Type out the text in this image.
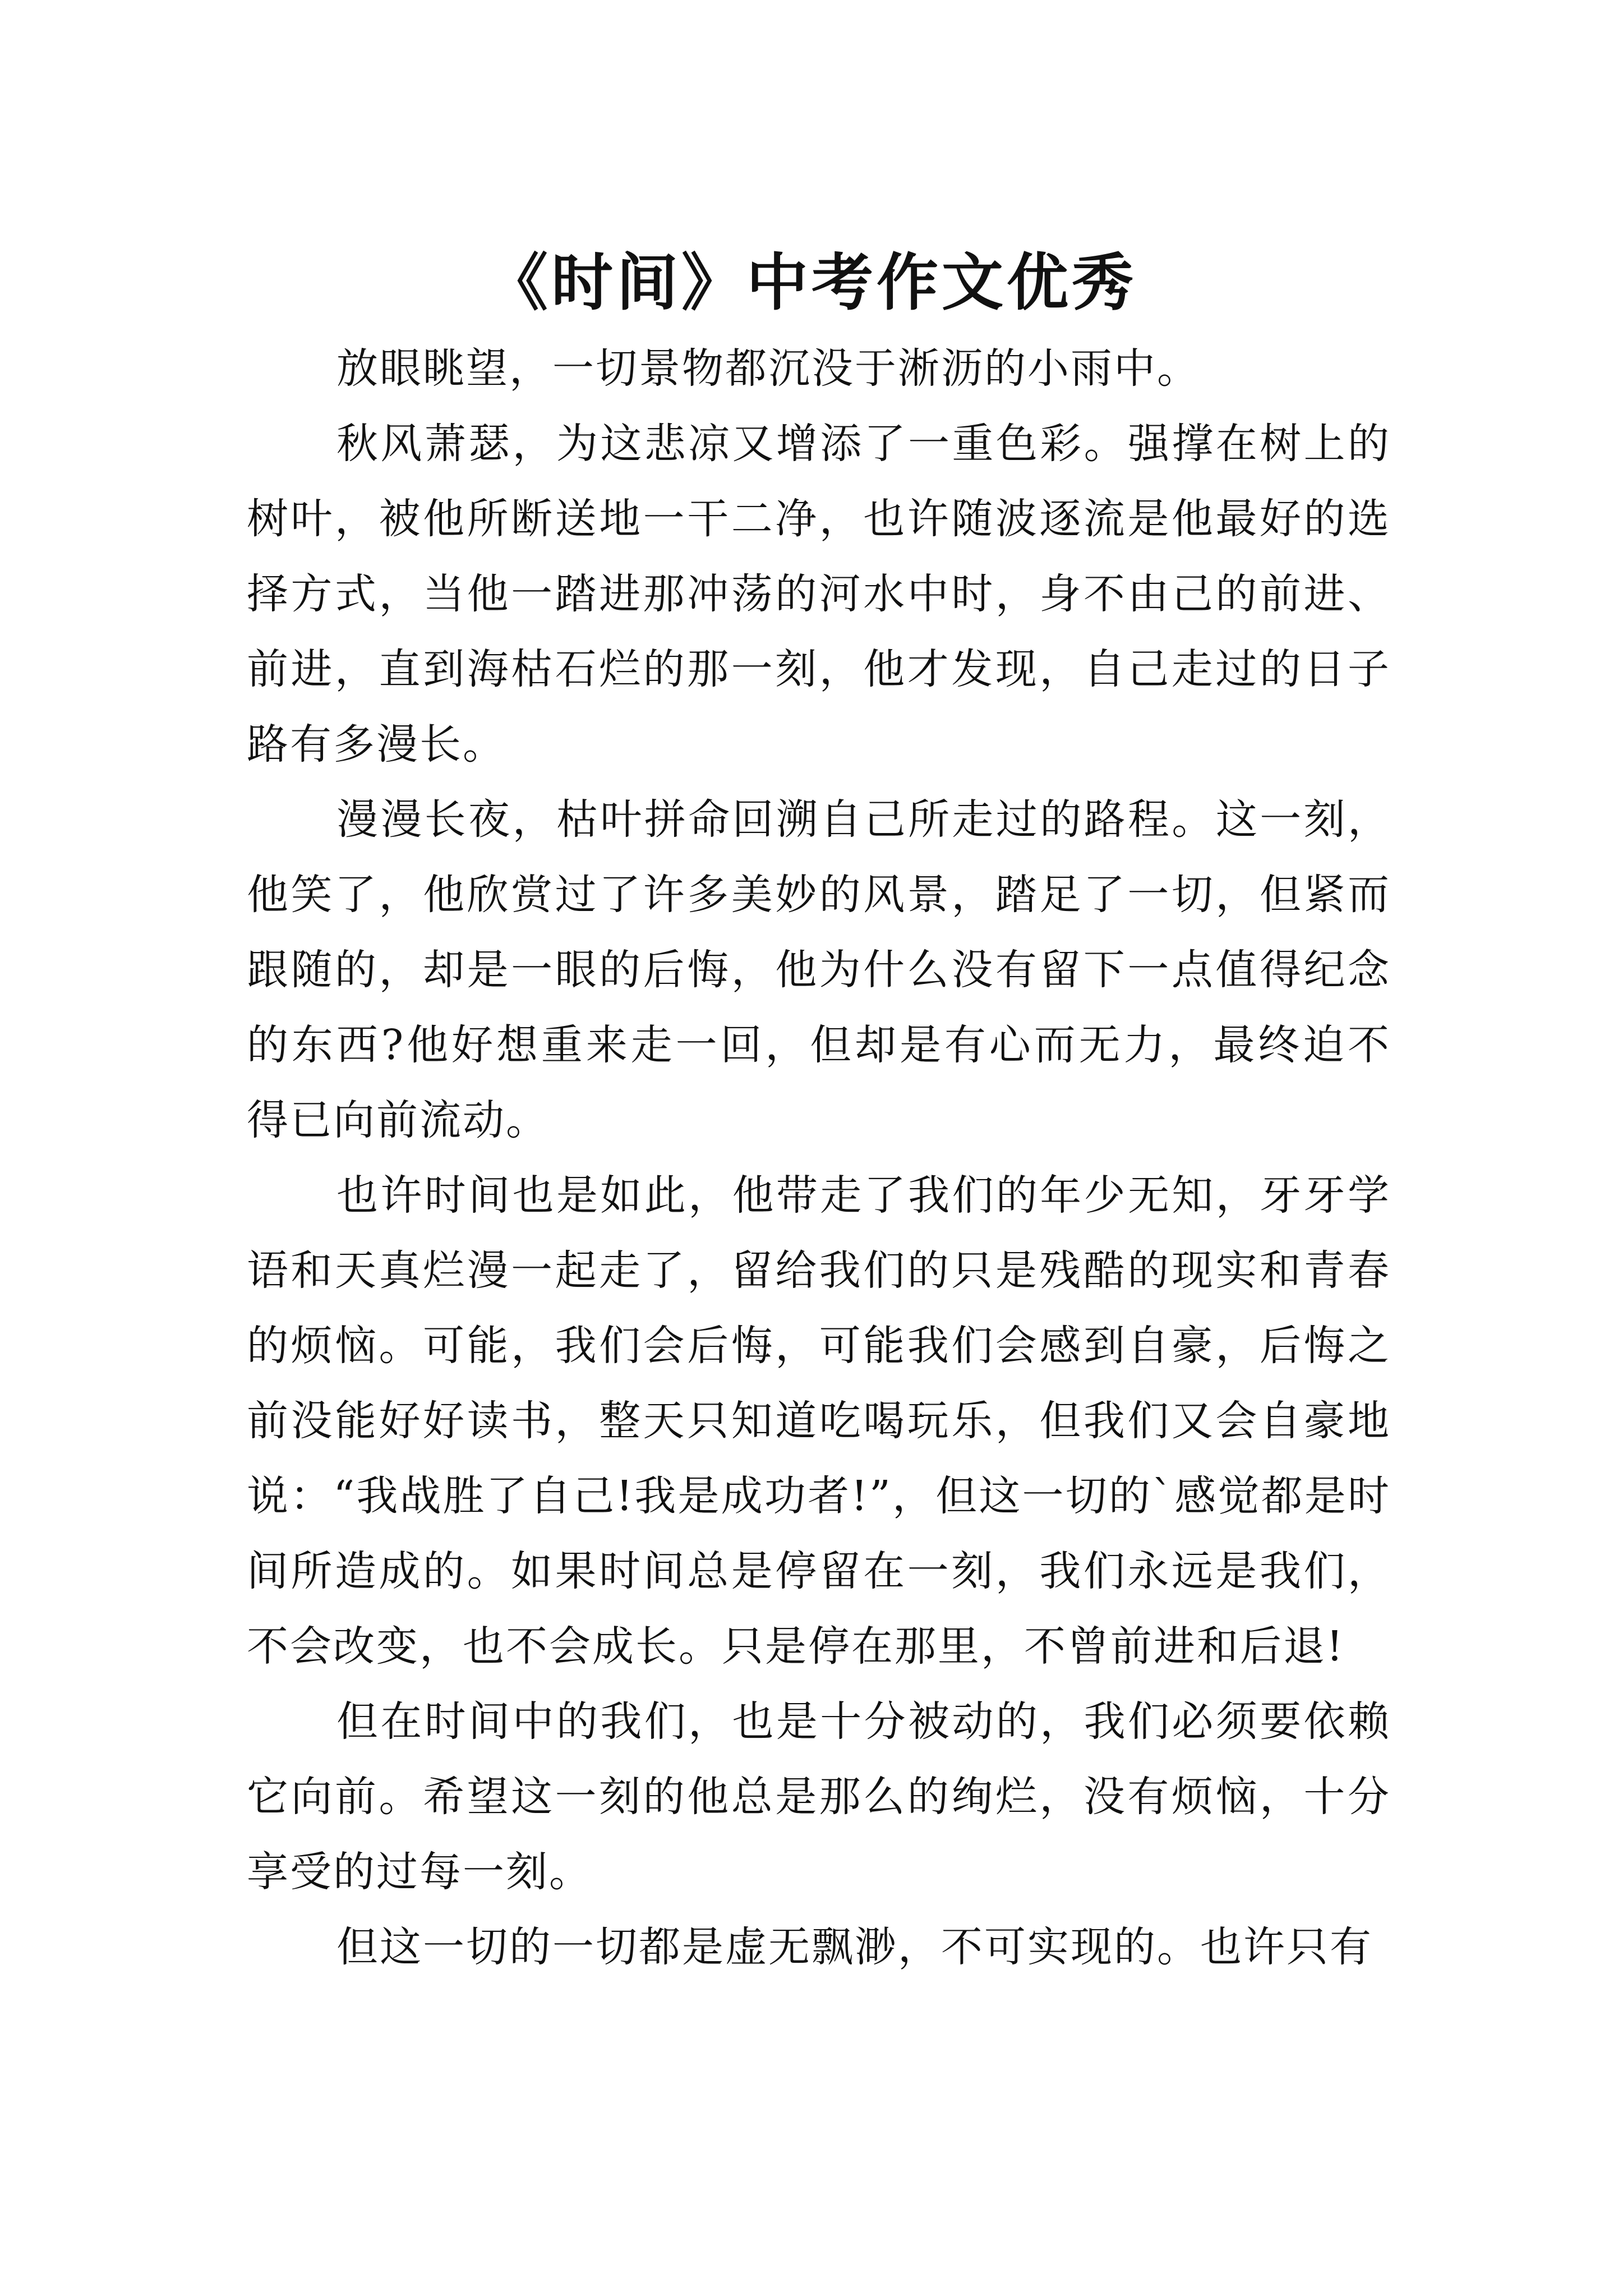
《时间》中考作文优秀

放眼眺望，一切景物都沉没于淅沥的小雨中。

秋风萧瑟，为这悲凉又增添了一重色彩。强撑在树上的树叶，被他所断送地一干二净，也许随波逐流是他最好的选择方式，当他一踏进那冲荡的河水中时，身不由己的前进、前进，直到海枯石烂的那一刻，他才发现，自己走过的日子路有多漫长。

漫漫长夜，枯叶拼命回溯自己所走过的路程。这一刻，他笑了，他欣赏过了许多美妙的风景，踏足了一切，但紧而跟随的，却是一眼的后悔，他为什么没有留下一点值得纪念的东西?他好想重来走一回，但却是有心而无力，最终迫不得已向前流动。

也许时间也是如此，他带走了我们的年少无知，牙牙学语和天真烂漫一起走了，留给我们的只是残酷的现实和青春的烦恼。可能，我们会后悔，可能我们会感到自豪，后悔之前没能好好读书，整天只知道吃喝玩乐，但我们又会自豪地说：“我战胜了自己!我是成功者!”，但这一切的`感觉都是时间所造成的。如果时间总是停留在一刻，我们永远是我们，不会改变，也不会成长。只是停在那里，不曾前进和后退!

但在时间中的我们，也是十分被动的，我们必须要依赖它向前。希望这一刻的他总是那么的绚烂，没有烦恼，十分享受的过每一刻。

但这一切的一切都是虚无飘渺，不可实现的。也许只有
